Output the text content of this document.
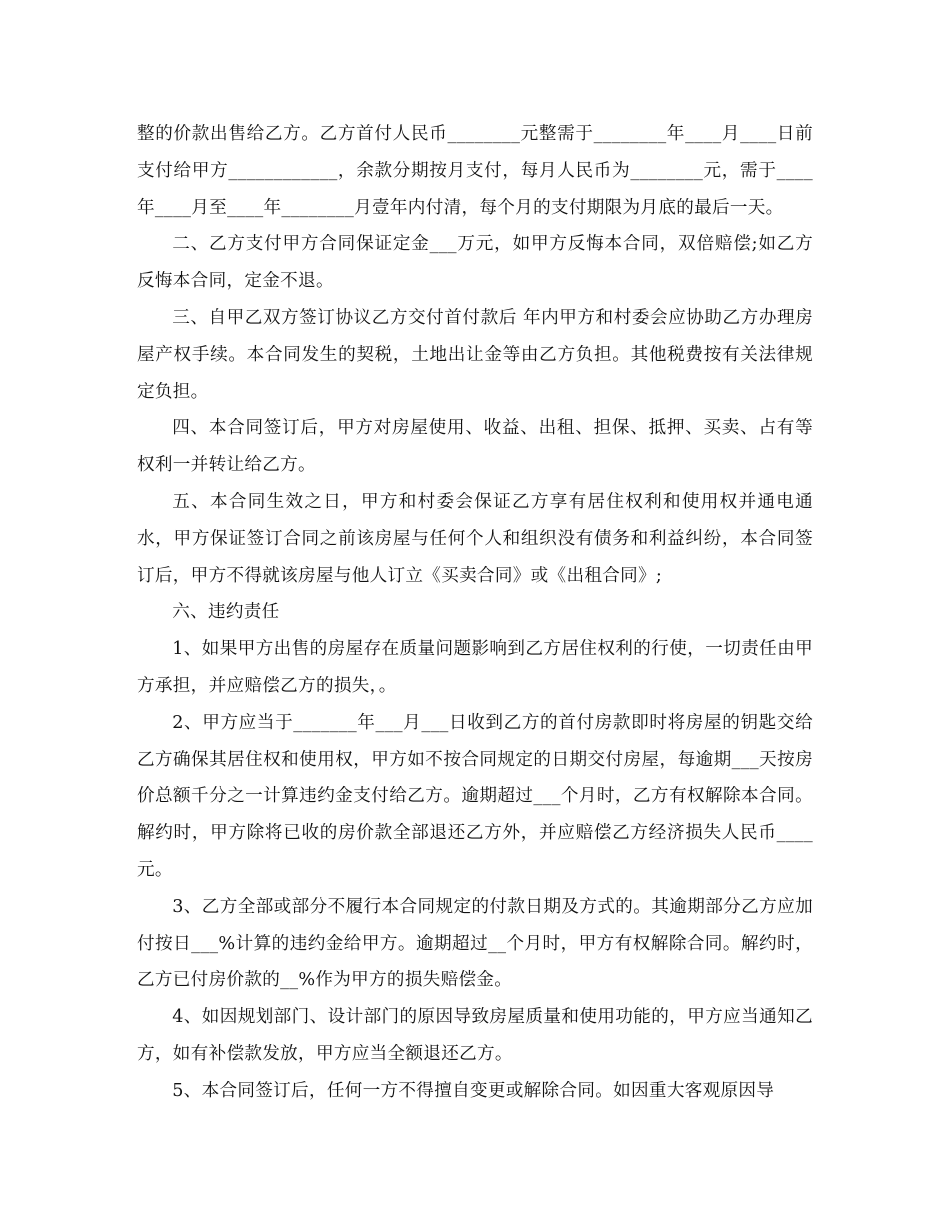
整的价款出售给乙方。乙方首付人民币________元整需于________年____月____日前支付给甲方____________，余款分期按月支付，每月人民币为________元，需于____年____月至____年________月壹年内付清，每个月的支付期限为月底的最后一天。

二、乙方支付甲方合同保证定金___万元，如甲方反悔本合同，双倍赔偿;如乙方反悔本合同，定金不退。

三、自甲乙双方签订协议乙方交付首付款后 年内甲方和村委会应协助乙方办理房屋产权手续。本合同发生的契税，土地出让金等由乙方负担。其他税费按有关法律规定负担。

四、本合同签订后，甲方对房屋使用、收益、出租、担保、抵押、买卖、占有等权利一并转让给乙方。

五、本合同生效之日，甲方和村委会保证乙方享有居住权利和使用权并通电通水，甲方保证签订合同之前该房屋与任何个人和组织没有债务和利益纠纷，本合同签订后，甲方不得就该房屋与他人订立《买卖合同》或《出租合同》;

六、违约责任

1、如果甲方出售的房屋存在质量问题影响到乙方居住权利的行使，一切责任由甲方承担，并应赔偿乙方的损失，。

2、甲方应当于_______年___月___日收到乙方的首付房款即时将房屋的钥匙交给乙方确保其居住权和使用权，甲方如不按合同规定的日期交付房屋，每逾期___天按房价总额千分之一计算违约金支付给乙方。逾期超过___个月时，乙方有权解除本合同。解约时，甲方除将已收的房价款全部退还乙方外，并应赔偿乙方经济损失人民币____元。

3、乙方全部或部分不履行本合同规定的付款日期及方式的。其逾期部分乙方应加付按日___%计算的违约金给甲方。逾期超过__个月时，甲方有权解除合同。解约时，乙方已付房价款的__%作为甲方的损失赔偿金。

4、如因规划部门、设计部门的原因导致房屋质量和使用功能的，甲方应当通知乙方，如有补偿款发放，甲方应当全额退还乙方。

5、本合同签订后，任何一方不得擅自变更或解除合同。如因重大客观原因导
